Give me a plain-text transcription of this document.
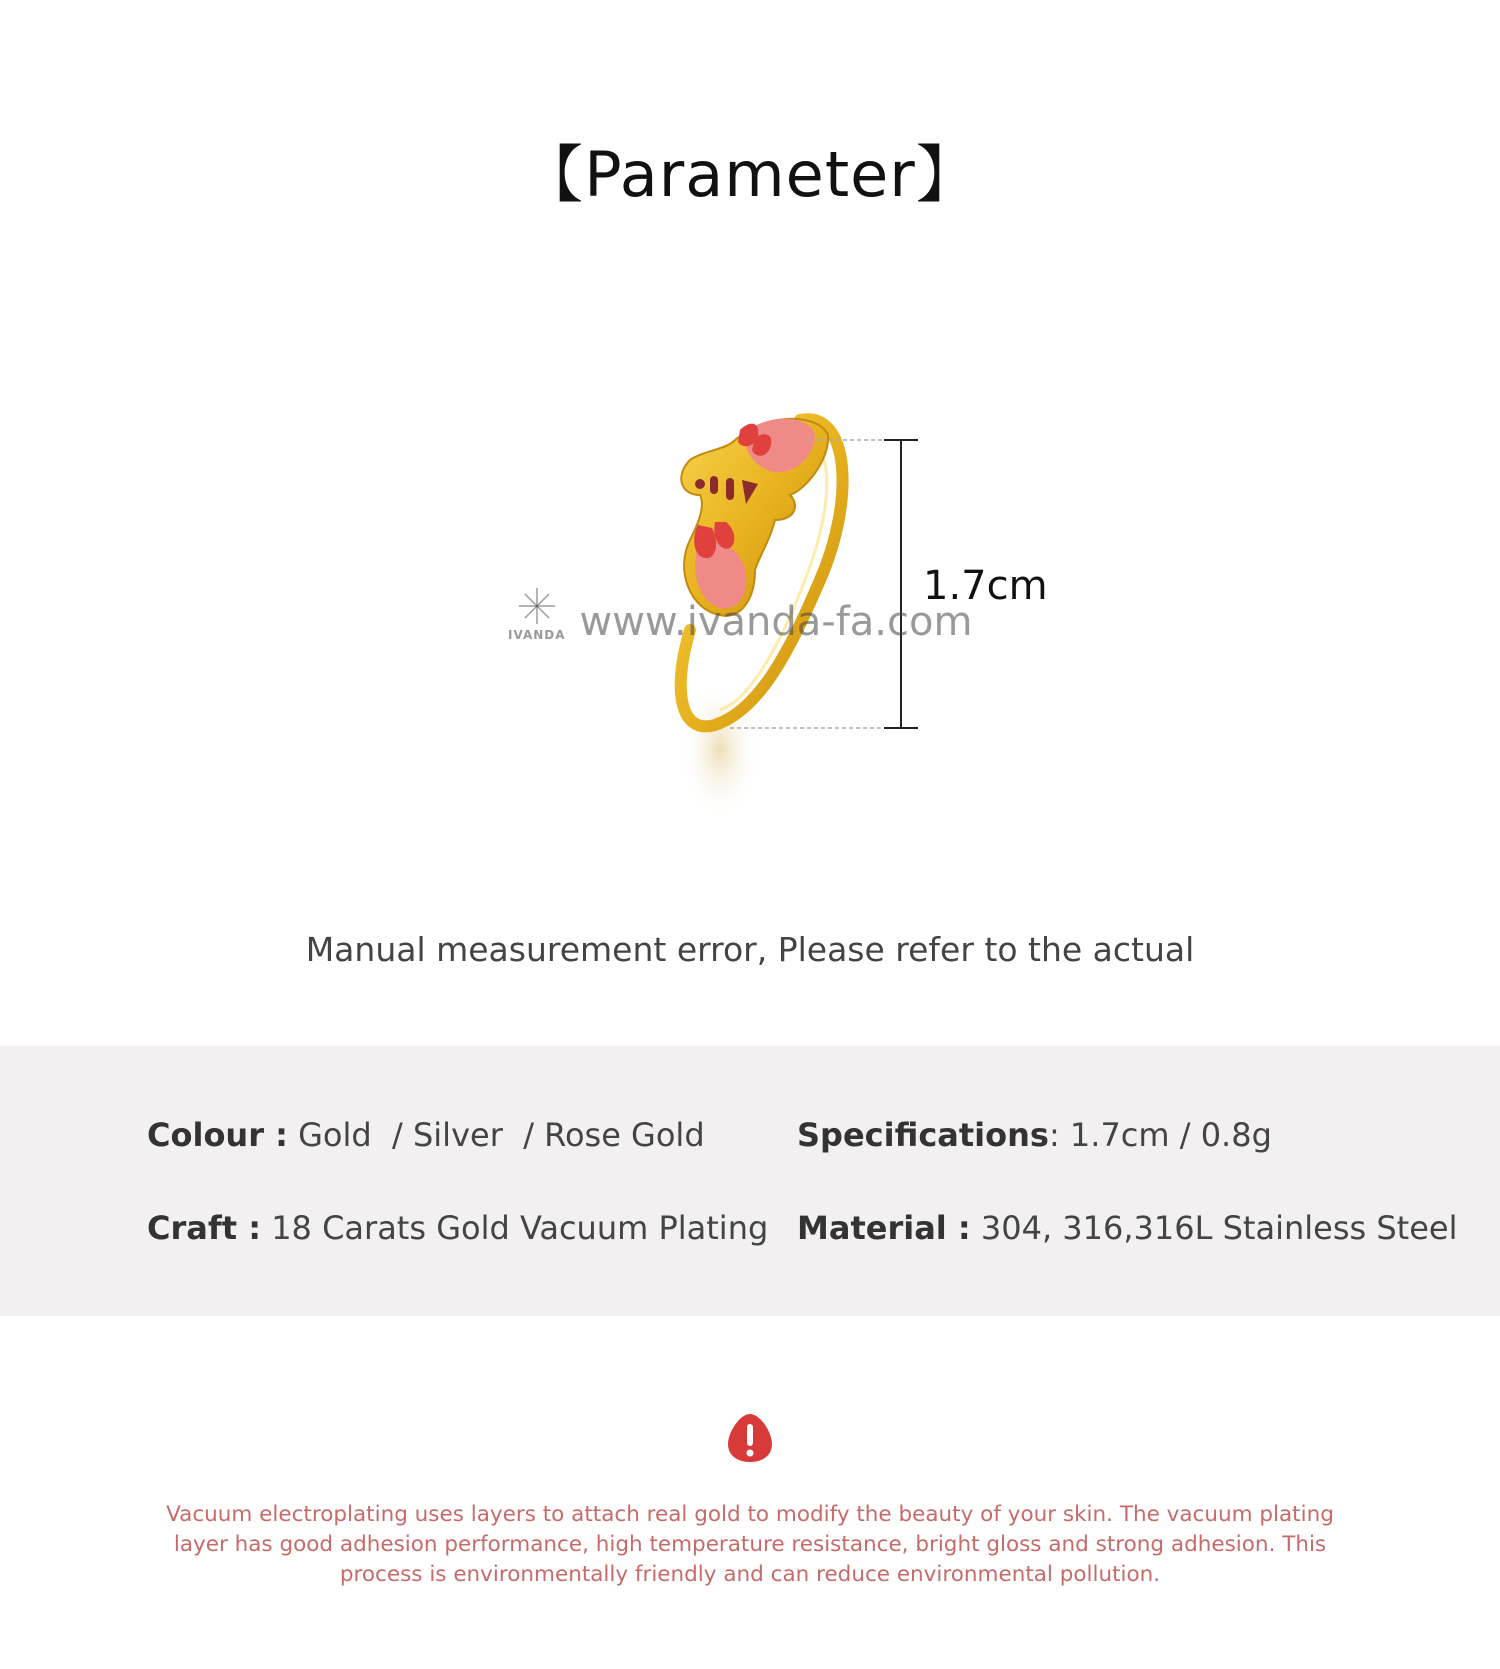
【Parameter】
1.7cm
IVANDA www.ivanda-fa.com
Manual measurement error, Please refer to the actual
Colour : Gold  / Silver  / Rose Gold	Specifications: 1.7cm / 0.8g
Craft : 18 Carats Gold Vacuum Plating Material : 304, 316,316L Stainless Steel
Vacuum electroplating uses layers to attach real gold to modify the beauty of your skin. The vacuum plating layer has good adhesion performance, high temperature resistance, bright gloss and strong adhesion. This process is environmentally friendly and can reduce environmental pollution.
